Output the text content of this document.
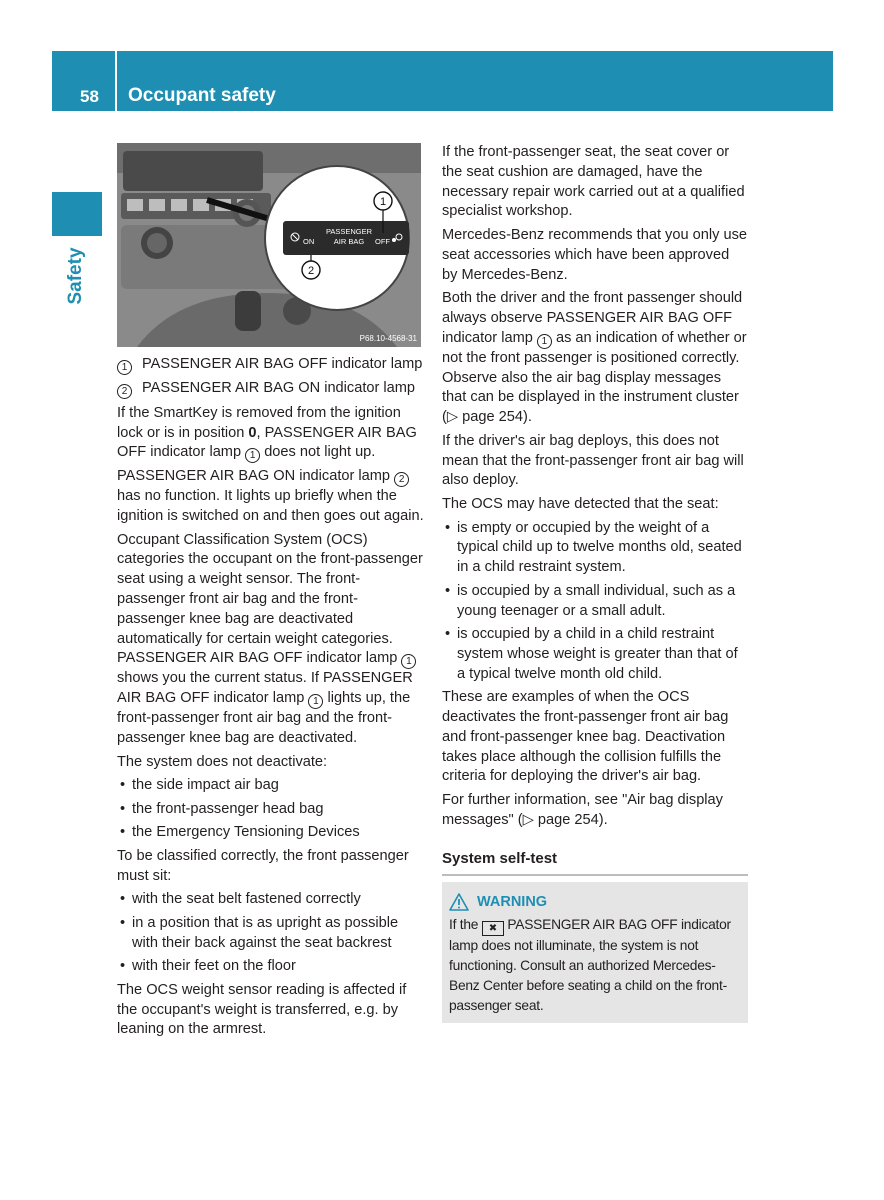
58 Occupant safety
Safety
PASSENGER
AIR BAG
ON	OFF
1
2
P68.10-4568-31
1	PASSENGER AIR BAG OFF indicator lamp
2	PASSENGER AIR BAG ON indicator lamp

If the SmartKey is removed from the ignition lock or is in position 0, PASSENGER AIR BAG OFF indicator lamp 1 does not light up.

PASSENGER AIR BAG ON indicator lamp 2 has no function. It lights up briefly when the ignition is switched on and then goes out again.

Occupant Classification System (OCS) categories the occupant on the front-passenger seat using a weight sensor. The front-passenger front air bag and the front-passenger knee bag are deactivated automatically for certain weight categories. PASSENGER AIR BAG OFF indicator lamp 1 shows you the current status. If PASSENGER AIR BAG OFF indicator lamp 1 lights up, the front-passenger front air bag and the front-passenger knee bag are deactivated.

The system does not deactivate:

• the side impact air bag
• the front-passenger head bag
• the Emergency Tensioning Devices

To be classified correctly, the front passenger must sit:

• with the seat belt fastened correctly
• in a position that is as upright as possible with their back against the seat backrest
• with their feet on the floor

The OCS weight sensor reading is affected if the occupant's weight is transferred, e.g. by leaning on the armrest.

If the front-passenger seat, the seat cover or the seat cushion are damaged, have the necessary repair work carried out at a qualified specialist workshop.

Mercedes-Benz recommends that you only use seat accessories which have been approved by Mercedes-Benz.

Both the driver and the front passenger should always observe PASSENGER AIR BAG OFF indicator lamp 1 as an indication of whether or not the front passenger is positioned correctly. Observe also the air bag display messages that can be displayed in the instrument cluster (▷ page 254).

If the driver's air bag deploys, this does not mean that the front-passenger front air bag will also deploy.

The OCS may have detected that the seat:

• is empty or occupied by the weight of a typical child up to twelve months old, seated in a child restraint system.
• is occupied by a small individual, such as a young teenager or a small adult.
• is occupied by a child in a child restraint system whose weight is greater than that of a typical twelve month old child.

These are examples of when the OCS deactivates the front-passenger front air bag and front-passenger knee bag. Deactivation takes place although the collision fulfills the criteria for deploying the driver's air bag.

For further information, see "Air bag display messages" (▷ page 254).

System self-test
WARNING

If the ✖ PASSENGER AIR BAG OFF indicator lamp does not illuminate, the system is not functioning. Consult an authorized Mercedes-Benz Center before seating a child on the front-passenger seat.
